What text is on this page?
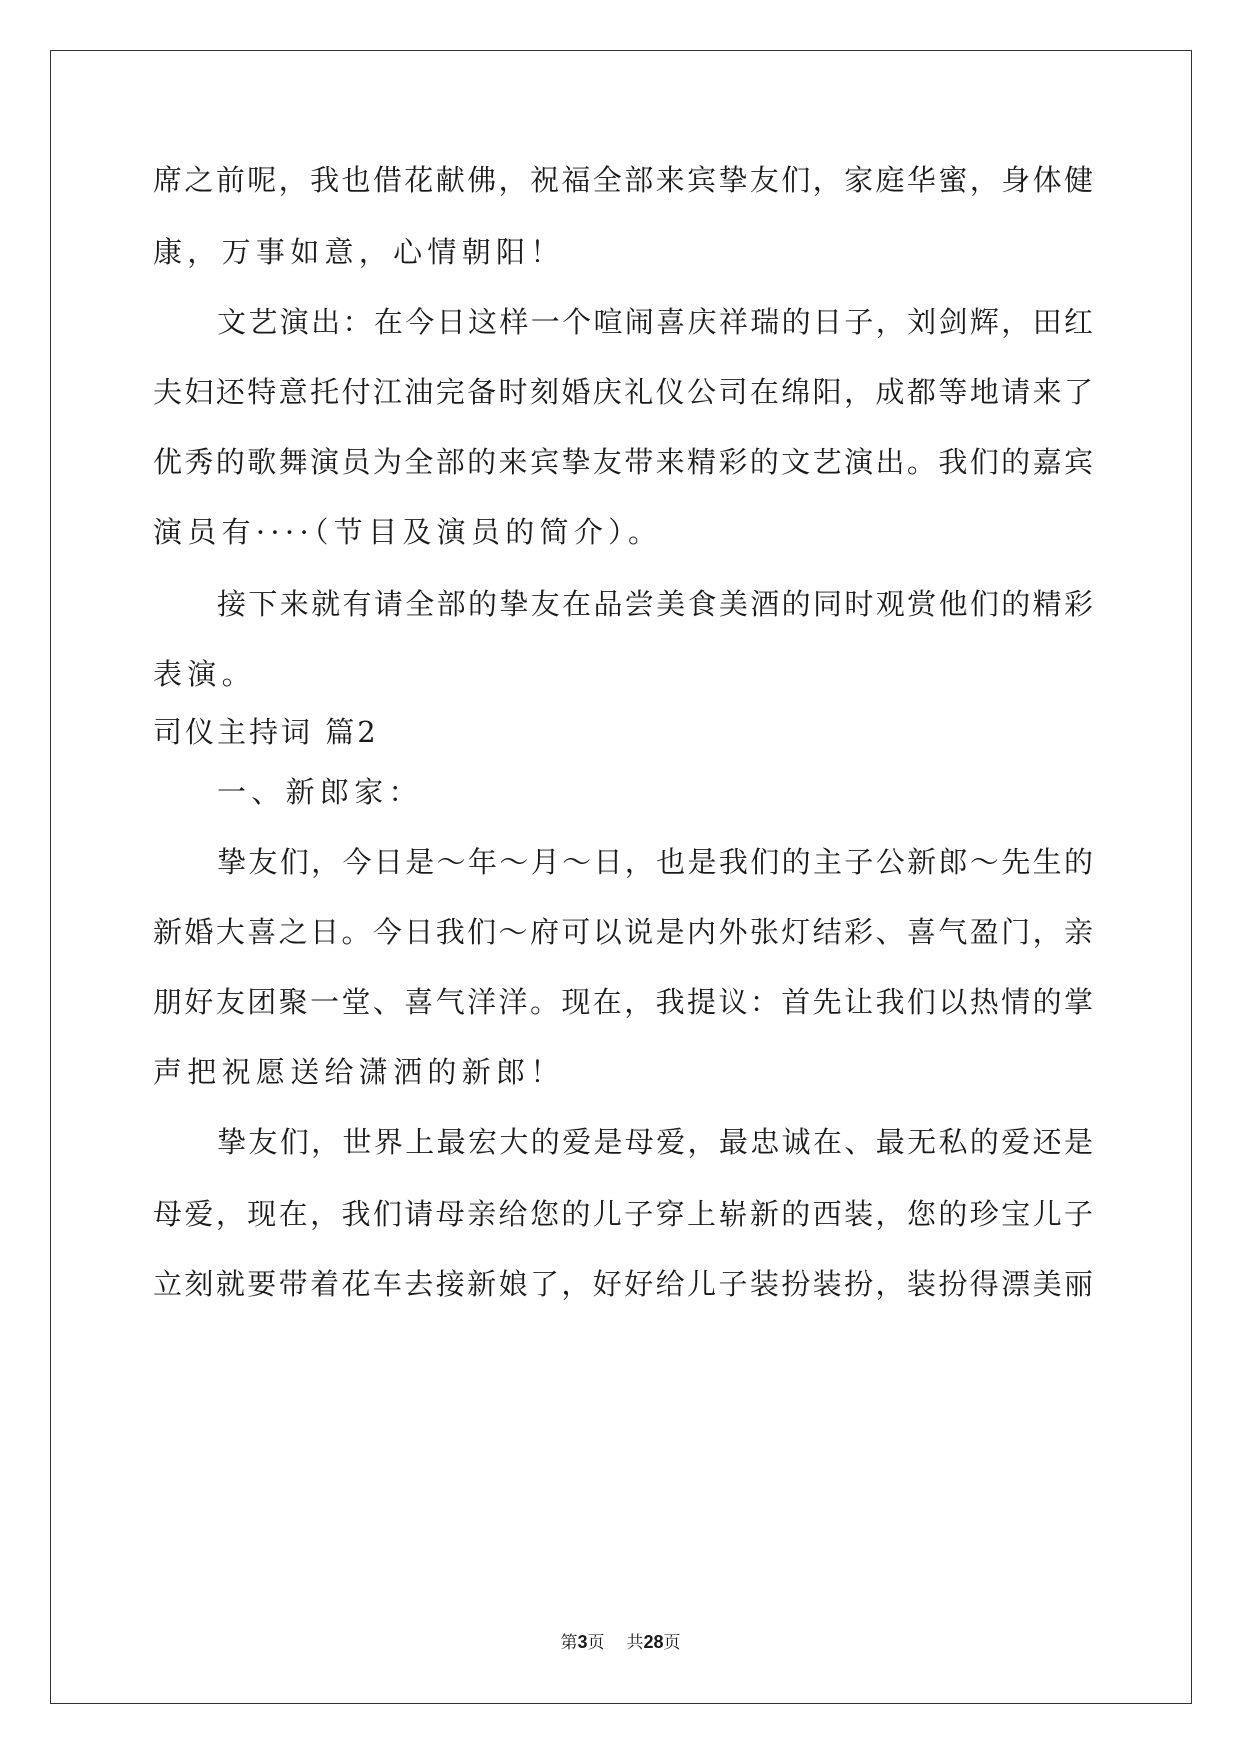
席之前呢，我也借花献佛，祝福全部来宾挚友们，家庭华蜜，身体健
康，万事如意，心情朝阳！
文艺演出：在今日这样一个喧闹喜庆祥瑞的日子，刘剑辉，田红
夫妇还特意托付江油完备时刻婚庆礼仪公司在绵阳，成都等地请来了
优秀的歌舞演员为全部的来宾挚友带来精彩的文艺演出。我们的嘉宾
演员有····（节目及演员的简介）。
接下来就有请全部的挚友在品尝美食美酒的同时观赏他们的精彩
表演。
司仪主持词 篇2
一、新郎家：
挚友们，今日是～年～月～日，也是我们的主子公新郎～先生的
新婚大喜之日。今日我们～府可以说是内外张灯结彩、喜气盈门，亲
朋好友团聚一堂、喜气洋洋。现在，我提议：首先让我们以热情的掌
声把祝愿送给潇洒的新郎！
挚友们，世界上最宏大的爱是母爱，最忠诚在、最无私的爱还是
母爱，现在，我们请母亲给您的儿子穿上崭新的西装，您的珍宝儿子
立刻就要带着花车去接新娘了，好好给儿子装扮装扮，装扮得漂美丽
第3页 共28页
